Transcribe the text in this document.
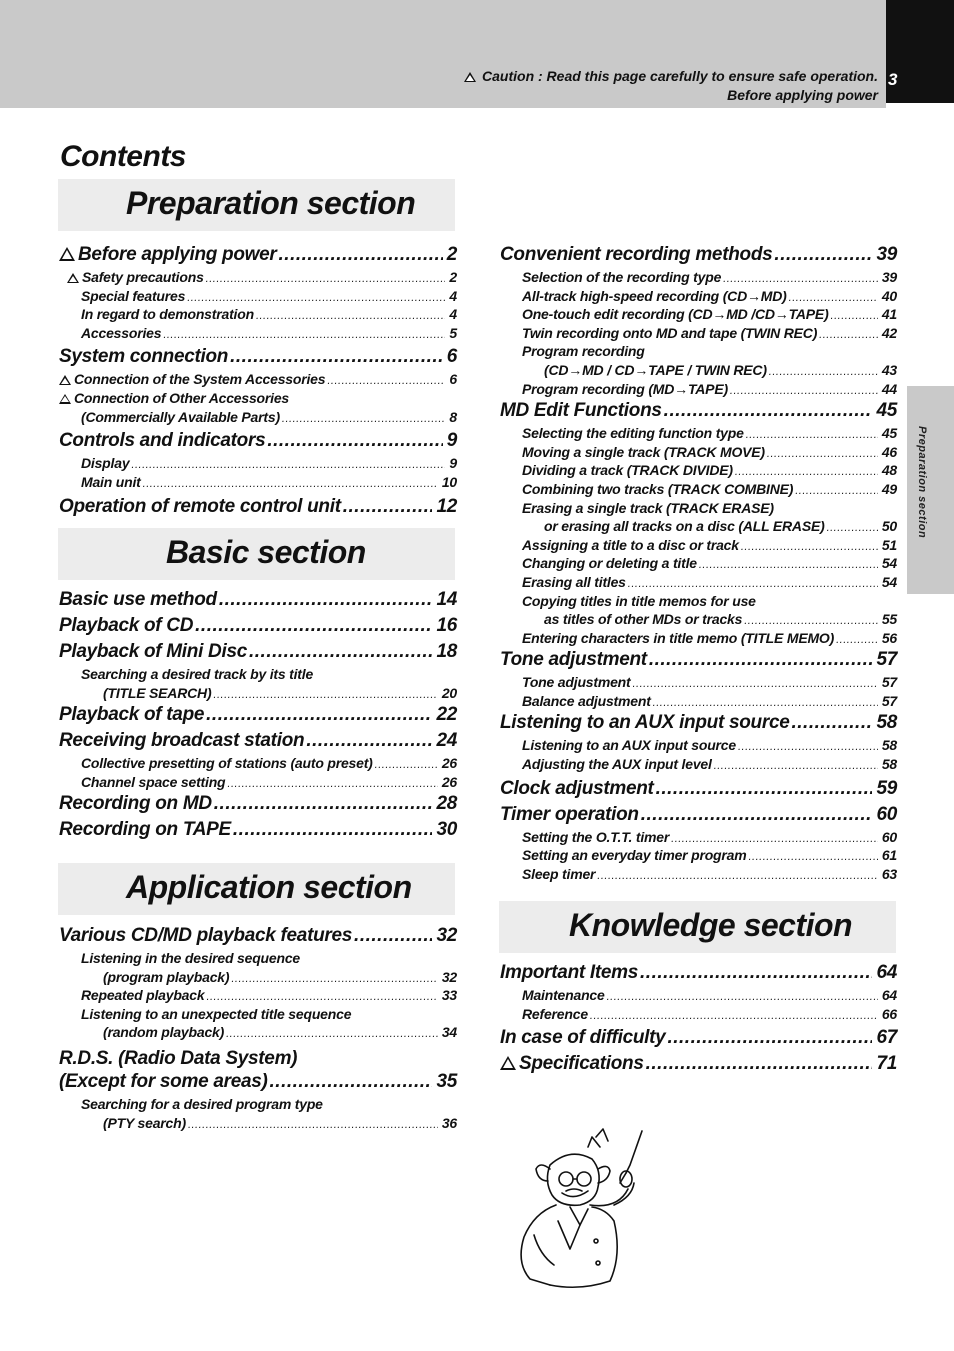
3
Caution : Read this page carefully to ensure safe operation.
Before applying power
Preparation section
Contents
Preparation section
Basic section
Application section
Knowledge section
Before applying power .....	2
Safety precautions .....	2
Special features .....	4
In regard to demonstration .....	4
Accessories .....	5
System connection .....	6
Connection of the System Accessories .....	6
Connection of Other Accessories
(Commercially Available Parts) .....	8
Controls and indicators .....	9
Display .....	9
Main unit .....	10
Operation of remote control unit .....	12
Basic use method .....	14
Playback of CD .....	16
Playback of Mini Disc .....	18
Searching a desired track by its title
(TITLE SEARCH) .....	20
Playback of tape .....	22
Receiving broadcast station .....	24
Collective presetting of stations (auto preset) .....	26
Channel space setting .....	26
Recording on MD .....	28
Recording on TAPE .....	30
Various CD/MD playback features .....	32
Listening in the desired sequence
(program playback) .....	32
Repeated playback .....	33
Listening to an unexpected title sequence
(random playback) .....	34
R.D.S. (Radio Data System)
(Except for some areas) .....	35
Searching for a desired program type
(PTY search) .....	36
Convenient recording methods .....	39
Selection of the recording type .....	39
All-track high-speed recording (CD→MD) .....	40
One-touch edit recording (CD→MD /CD→TAPE) .....	41
Twin recording onto MD and tape (TWIN REC) .....	42
Program recording
(CD→MD / CD→TAPE / TWIN REC) .....	43
Program recording (MD→TAPE) .....	44
MD Edit Functions .....	45
Selecting the editing function type .....	45
Moving a single track (TRACK MOVE) .....	46
Dividing a track (TRACK DIVIDE) .....	48
Combining two tracks (TRACK COMBINE) .....	49
Erasing a single track (TRACK ERASE)
or erasing all tracks on a disc (ALL ERASE) .....	50
Assigning a title to a disc or track .....	51
Changing or deleting a title .....	54
Erasing all titles .....	54
Copying titles in title memos for use
as titles of other MDs or tracks .....	55
Entering characters in title memo (TITLE MEMO) .....	56
Tone adjustment .....	57
Tone adjustment .....	57
Balance adjustment .....	57
Listening to an AUX input source .....	58
Listening to an AUX input source .....	58
Adjusting the AUX input level .....	58
Clock adjustment .....	59
Timer operation .....	60
Setting the O.T.T. timer .....	60
Setting an everyday timer program .....	61
Sleep timer .....	63
Important Items .....	64
Maintenance .....	64
Reference .....	66
In case of difficulty .....	67
Specifications .....	71
